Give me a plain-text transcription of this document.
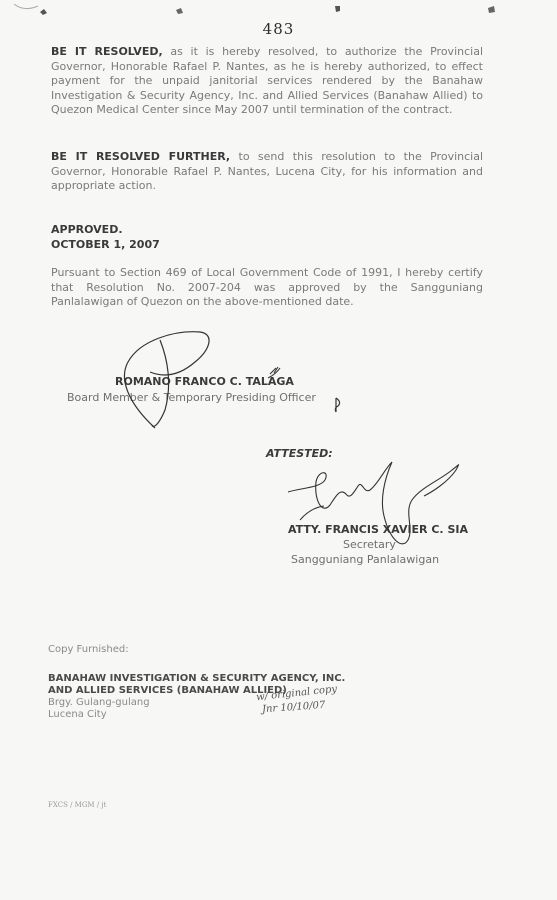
483
BE IT RESOLVED, as it is hereby resolved, to authorize the Provincial Governor, Honorable Rafael P. Nantes, as he is hereby authorized, to effect payment for the unpaid janitorial services rendered by the Banahaw Investigation & Security Agency, Inc. and Allied Services (Banahaw Allied) to Quezon Medical Center since May 2007 until termination of the contract.
BE IT RESOLVED FURTHER, to send this resolution to the Provincial Governor, Honorable Rafael P. Nantes, Lucena City, for his information and appropriate action.
APPROVED.
OCTOBER 1, 2007
Pursuant to Section 469 of Local Government Code of 1991, I hereby certify that Resolution No. 2007-204 was approved by the Sangguniang Panlalawigan of Quezon on the above-mentioned date.
ROMANO FRANCO C. TALAGA
Board Member & Temporary Presiding Officer
ATTESTED:
ATTY. FRANCIS XAVIER C. SIA
Secretary
Sangguniang Panlalawigan
Copy Furnished:
BANAHAW INVESTIGATION & SECURITY AGENCY, INC.
AND ALLIED SERVICES (BANAHAW ALLIED)
Brgy. Gulang-gulang
Lucena City
w/ original copy
Jnr 10/10/07
FXCS / MGM / jt
